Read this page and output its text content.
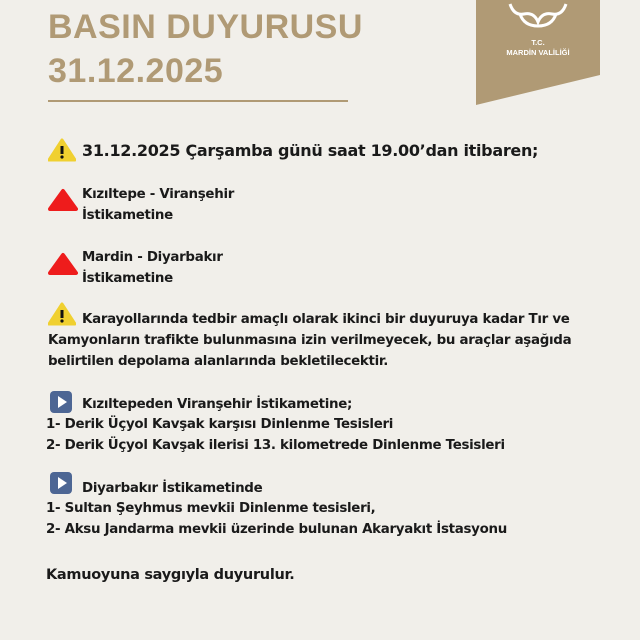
BASIN DUYURUSU
31.12.2025
T.C.
MARDİN VALİLİĞİ
31.12.2025 Çarşamba günü saat 19.00’dan itibaren;
Kızıltepe - Viranşehir
İstikametine
Mardin - Diyarbakır
İstikametine
Karayollarında tedbir amaçlı olarak ikinci bir duyuruya kadar Tır ve
Kamyonların trafikte bulunmasına izin verilmeyecek, bu araçlar aşağıda
belirtilen depolama alanlarında bekletilecektir.
Kızıltepeden Viranşehir İstikametine;
1- Derik Üçyol Kavşak karşısı Dinlenme Tesisleri
2- Derik Üçyol Kavşak ilerisi 13. kilometrede Dinlenme Tesisleri
Diyarbakır İstikametinde
1- Sultan Şeyhmus mevkii Dinlenme tesisleri,
2- Aksu Jandarma mevkii üzerinde bulunan Akaryakıt İstasyonu
Kamuoyuna saygıyla duyurulur.
